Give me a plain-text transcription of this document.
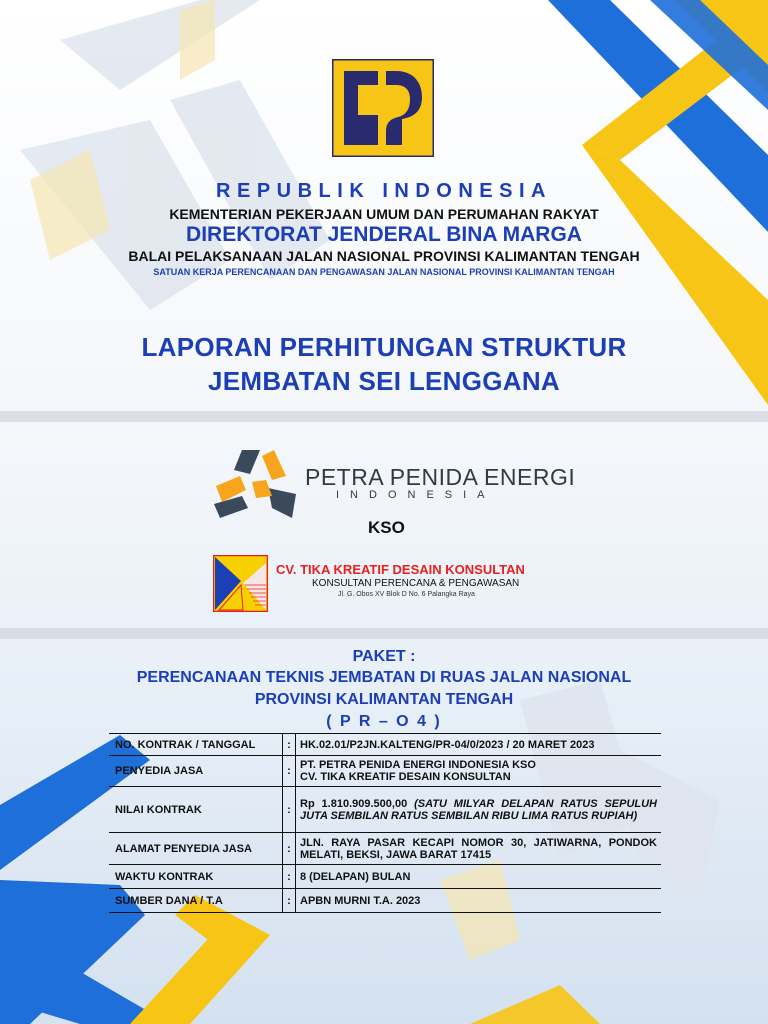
REPUBLIK INDONESIA
KEMENTERIAN PEKERJAAN UMUM DAN PERUMAHAN RAKYAT
DIREKTORAT JENDERAL BINA MARGA
BALAI PELAKSANAAN JALAN NASIONAL PROVINSI KALIMANTAN TENGAH
SATUAN KERJA PERENCANAAN DAN PENGAWASAN JALAN NASIONAL PROVINSI KALIMANTAN TENGAH
LAPORAN PERHITUNGAN STRUKTUR
JEMBATAN SEI LENGGANA
PETRA PENIDA ENERGI
INDONESIA
KSO
CV. TIKA KREATIF DESAIN KONSULTAN
KONSULTAN PERENCANA & PENGAWASAN
Jl. G. Obos XV Blok D No. 6 Palangka Raya
PAKET :
PERENCANAAN TEKNIS JEMBATAN DI RUAS JALAN NASIONAL
PROVINSI KALIMANTAN TENGAH
( P R – O 4 )
NO. KONTRAK / TANGGAL	:	HK.02.01/P2JN.KALTENG/PR-04/0/2023 / 20 MARET 2023
PENYEDIA JASA	:	PT. PETRA PENIDA ENERGI INDONESIA KSO
CV. TIKA KREATIF DESAIN KONSULTAN

NILAI KONTRAK	:	Rp 1.810.909.500,00 (SATU MILYAR DELAPAN RATUS SEPULUH JUTA SEMBILAN RATUS SEMBILAN RIBU LIMA RATUS RUPIAH)
ALAMAT PENYEDIA JASA	:	JLN. RAYA PASAR KECAPI NOMOR 30, JATIWARNA, PONDOK MELATI, BEKSI, JAWA BARAT 17415
WAKTU KONTRAK	:	8 (DELAPAN) BULAN
SUMBER DANA / T.A	:	APBN MURNI T.A. 2023
